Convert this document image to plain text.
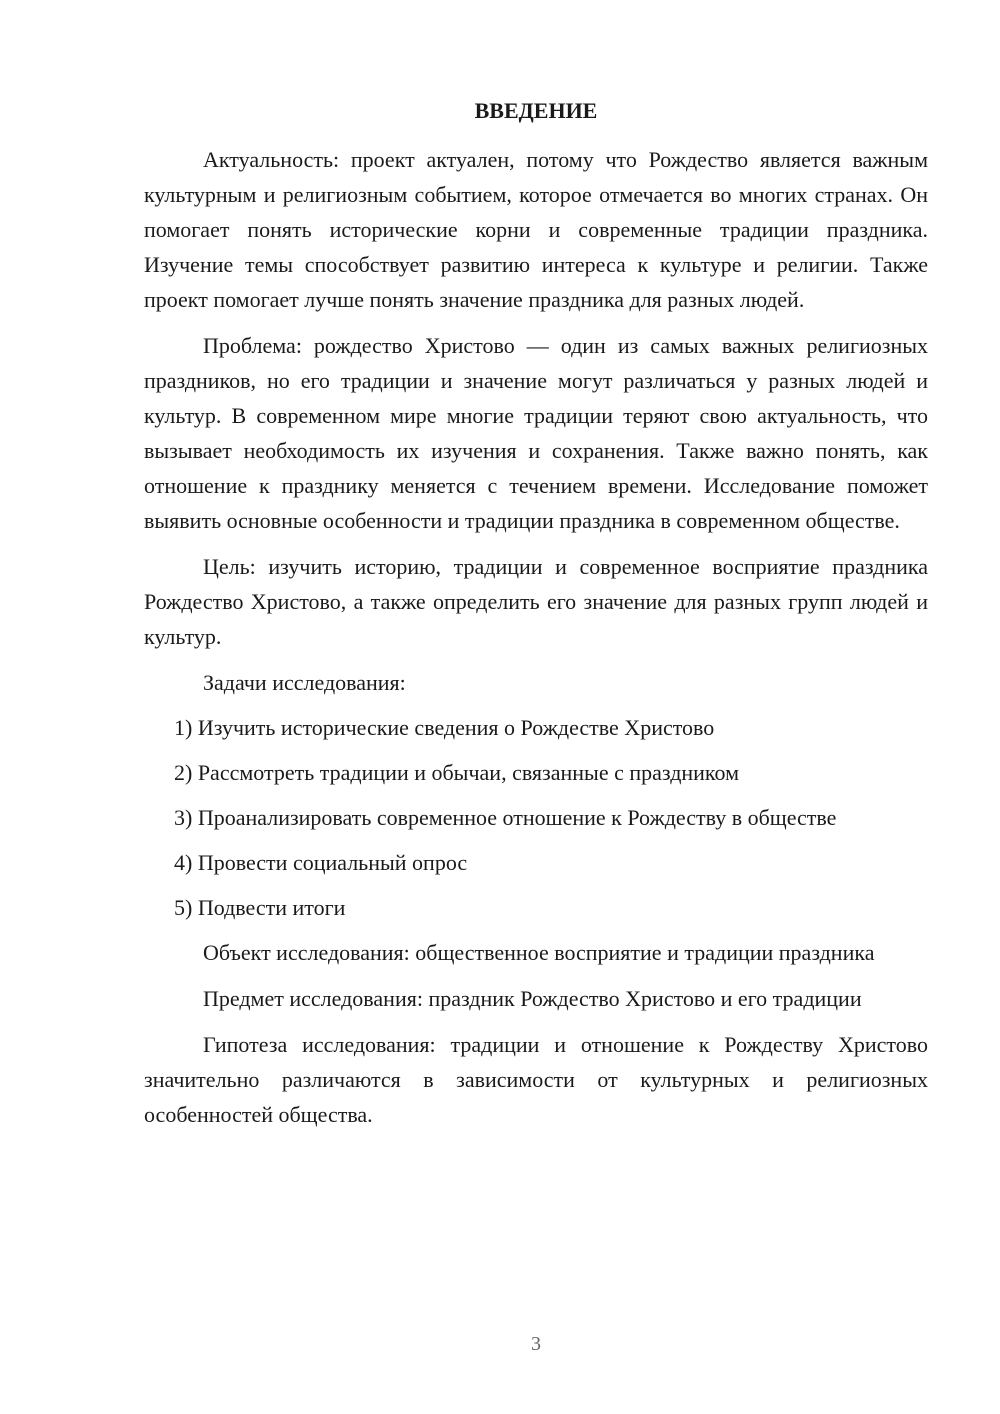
ВВЕДЕНИЕ

Актуальность: проект актуален, потому что Рождество является важным культурным и религиозным событием, которое отмечается во многих странах. Он помогает понять исторические корни и современные традиции праздника. Изучение темы способствует развитию интереса к культуре и религии. Также проект помогает лучше понять значение праздника для разных людей.

Проблема: рождество Христово — один из самых важных религиозных праздников, но его традиции и значение могут различаться у разных людей и культур. В современном мире многие традиции теряют свою актуальность, что вызывает необходимость их изучения и сохранения. Также важно понять, как отношение к празднику меняется с течением времени. Исследование поможет выявить основные особенности и традиции праздника в современном обществе.

Цель: изучить историю, традиции и современное восприятие праздника Рождество Христово, а также определить его значение для разных групп людей и культур.

Задачи исследования:

1) Изучить исторические сведения о Рождестве Христово
2) Рассмотреть традиции и обычаи, связанные с праздником
3) Проанализировать современное отношение к Рождеству в обществе
4) Провести социальный опрос
5) Подвести итоги

Объект исследования: общественное восприятие и традиции праздника

Предмет исследования: праздник Рождество Христово и его традиции

Гипотеза исследования: традиции и отношение к Рождеству Христово значительно различаются в зависимости от культурных и религиозных особенностей общества.

3
